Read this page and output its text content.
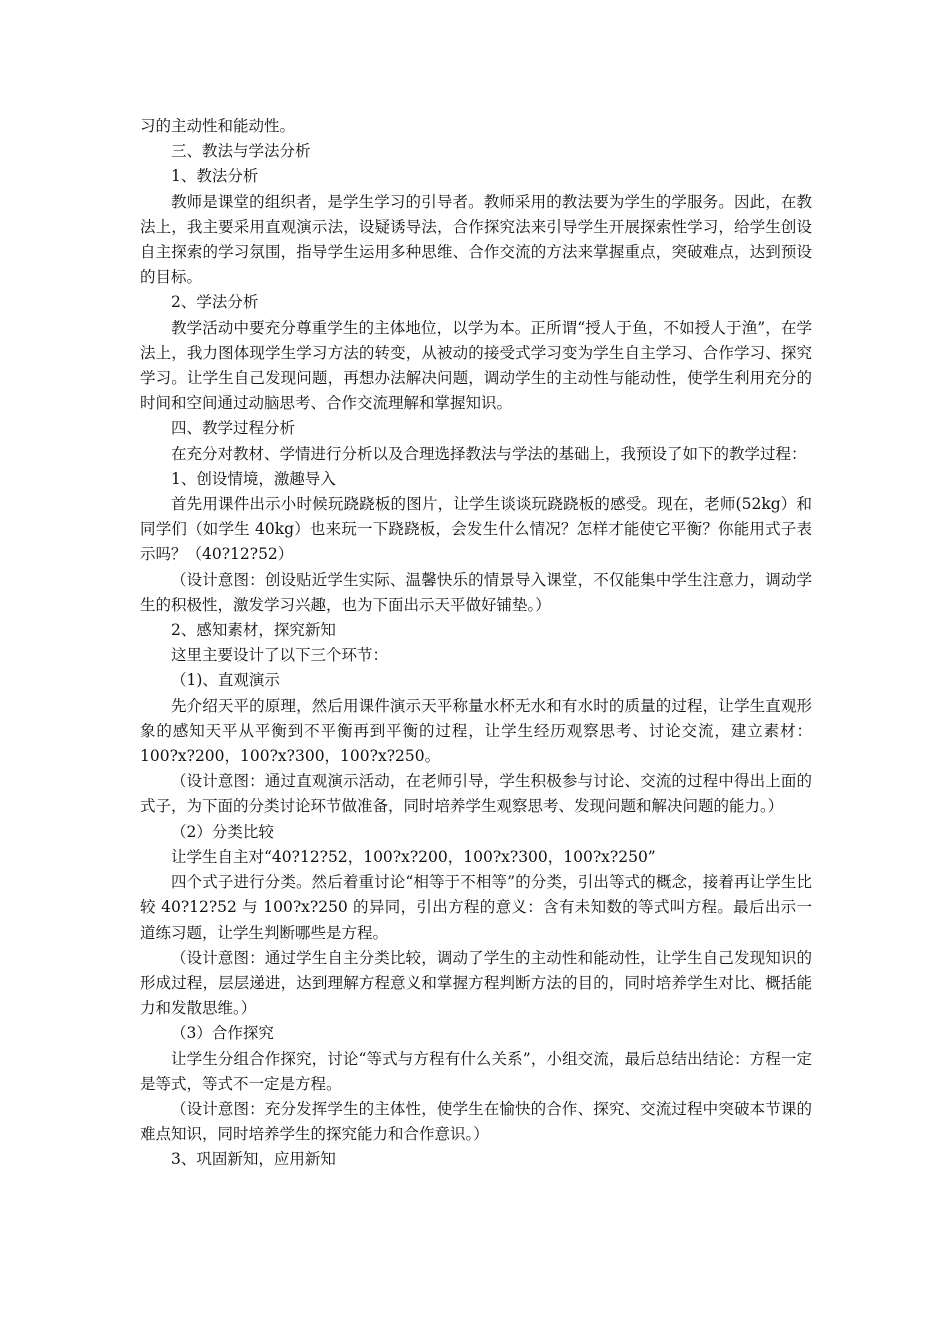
习的主动性和能动性。

三、教法与学法分析

1、教法分析

教师是课堂的组织者，是学生学习的引导者。教师采用的教法要为学生的学服务。因此，在教法上，我主要采用直观演示法，设疑诱导法，合作探究法来引导学生开展探索性学习，给学生创设自主探索的学习氛围，指导学生运用多种思维、合作交流的方法来掌握重点，突破难点，达到预设的目标。

2、学法分析

教学活动中要充分尊重学生的主体地位，以学为本。正所谓“授人于鱼，不如授人于渔”，在学法上，我力图体现学生学习方法的转变，从被动的接受式学习变为学生自主学习、合作学习、探究学习。让学生自己发现问题，再想办法解决问题，调动学生的主动性与能动性，使学生利用充分的时间和空间通过动脑思考、合作交流理解和掌握知识。

四、教学过程分析

在充分对教材、学情进行分析以及合理选择教法与学法的基础上，我预设了如下的教学过程：

1、创设情境，激趣导入

首先用课件出示小时候玩跷跷板的图片，让学生谈谈玩跷跷板的感受。现在，老师(52kg）和同学们（如学生 40kg）也来玩一下跷跷板，会发生什么情况？怎样才能使它平衡？你能用式子表示吗？（40?12?52）

（设计意图：创设贴近学生实际、温馨快乐的情景导入课堂，不仅能集中学生注意力，调动学生的积极性，激发学习兴趣，也为下面出示天平做好铺垫。）

2、感知素材，探究新知

这里主要设计了以下三个环节：

（1)、直观演示

先介绍天平的原理，然后用课件演示天平称量水杯无水和有水时的质量的过程，让学生直观形象的感知天平从平衡到不平衡再到平衡的过程，让学生经历观察思考、讨论交流，建立素材：100?x?200，100?x?300，100?x?250。

（设计意图：通过直观演示活动，在老师引导，学生积极参与讨论、交流的过程中得出上面的式子，为下面的分类讨论环节做准备，同时培养学生观察思考、发现问题和解决问题的能力。）

（2）分类比较

让学生自主对“40?12?52，100?x?200，100?x?300，100?x?250”

四个式子进行分类。然后着重讨论“相等于不相等”的分类，引出等式的概念，接着再让学生比较 40?12?52 与 100?x?250 的异同，引出方程的意义：含有未知数的等式叫方程。最后出示一道练习题，让学生判断哪些是方程。

（设计意图：通过学生自主分类比较，调动了学生的主动性和能动性，让学生自己发现知识的形成过程，层层递进，达到理解方程意义和掌握方程判断方法的目的，同时培养学生对比、概括能力和发散思维。）

（3）合作探究

让学生分组合作探究，讨论“等式与方程有什么关系”，小组交流，最后总结出结论：方程一定是等式，等式不一定是方程。

（设计意图：充分发挥学生的主体性，使学生在愉快的合作、探究、交流过程中突破本节课的难点知识，同时培养学生的探究能力和合作意识。）

3、巩固新知，应用新知
